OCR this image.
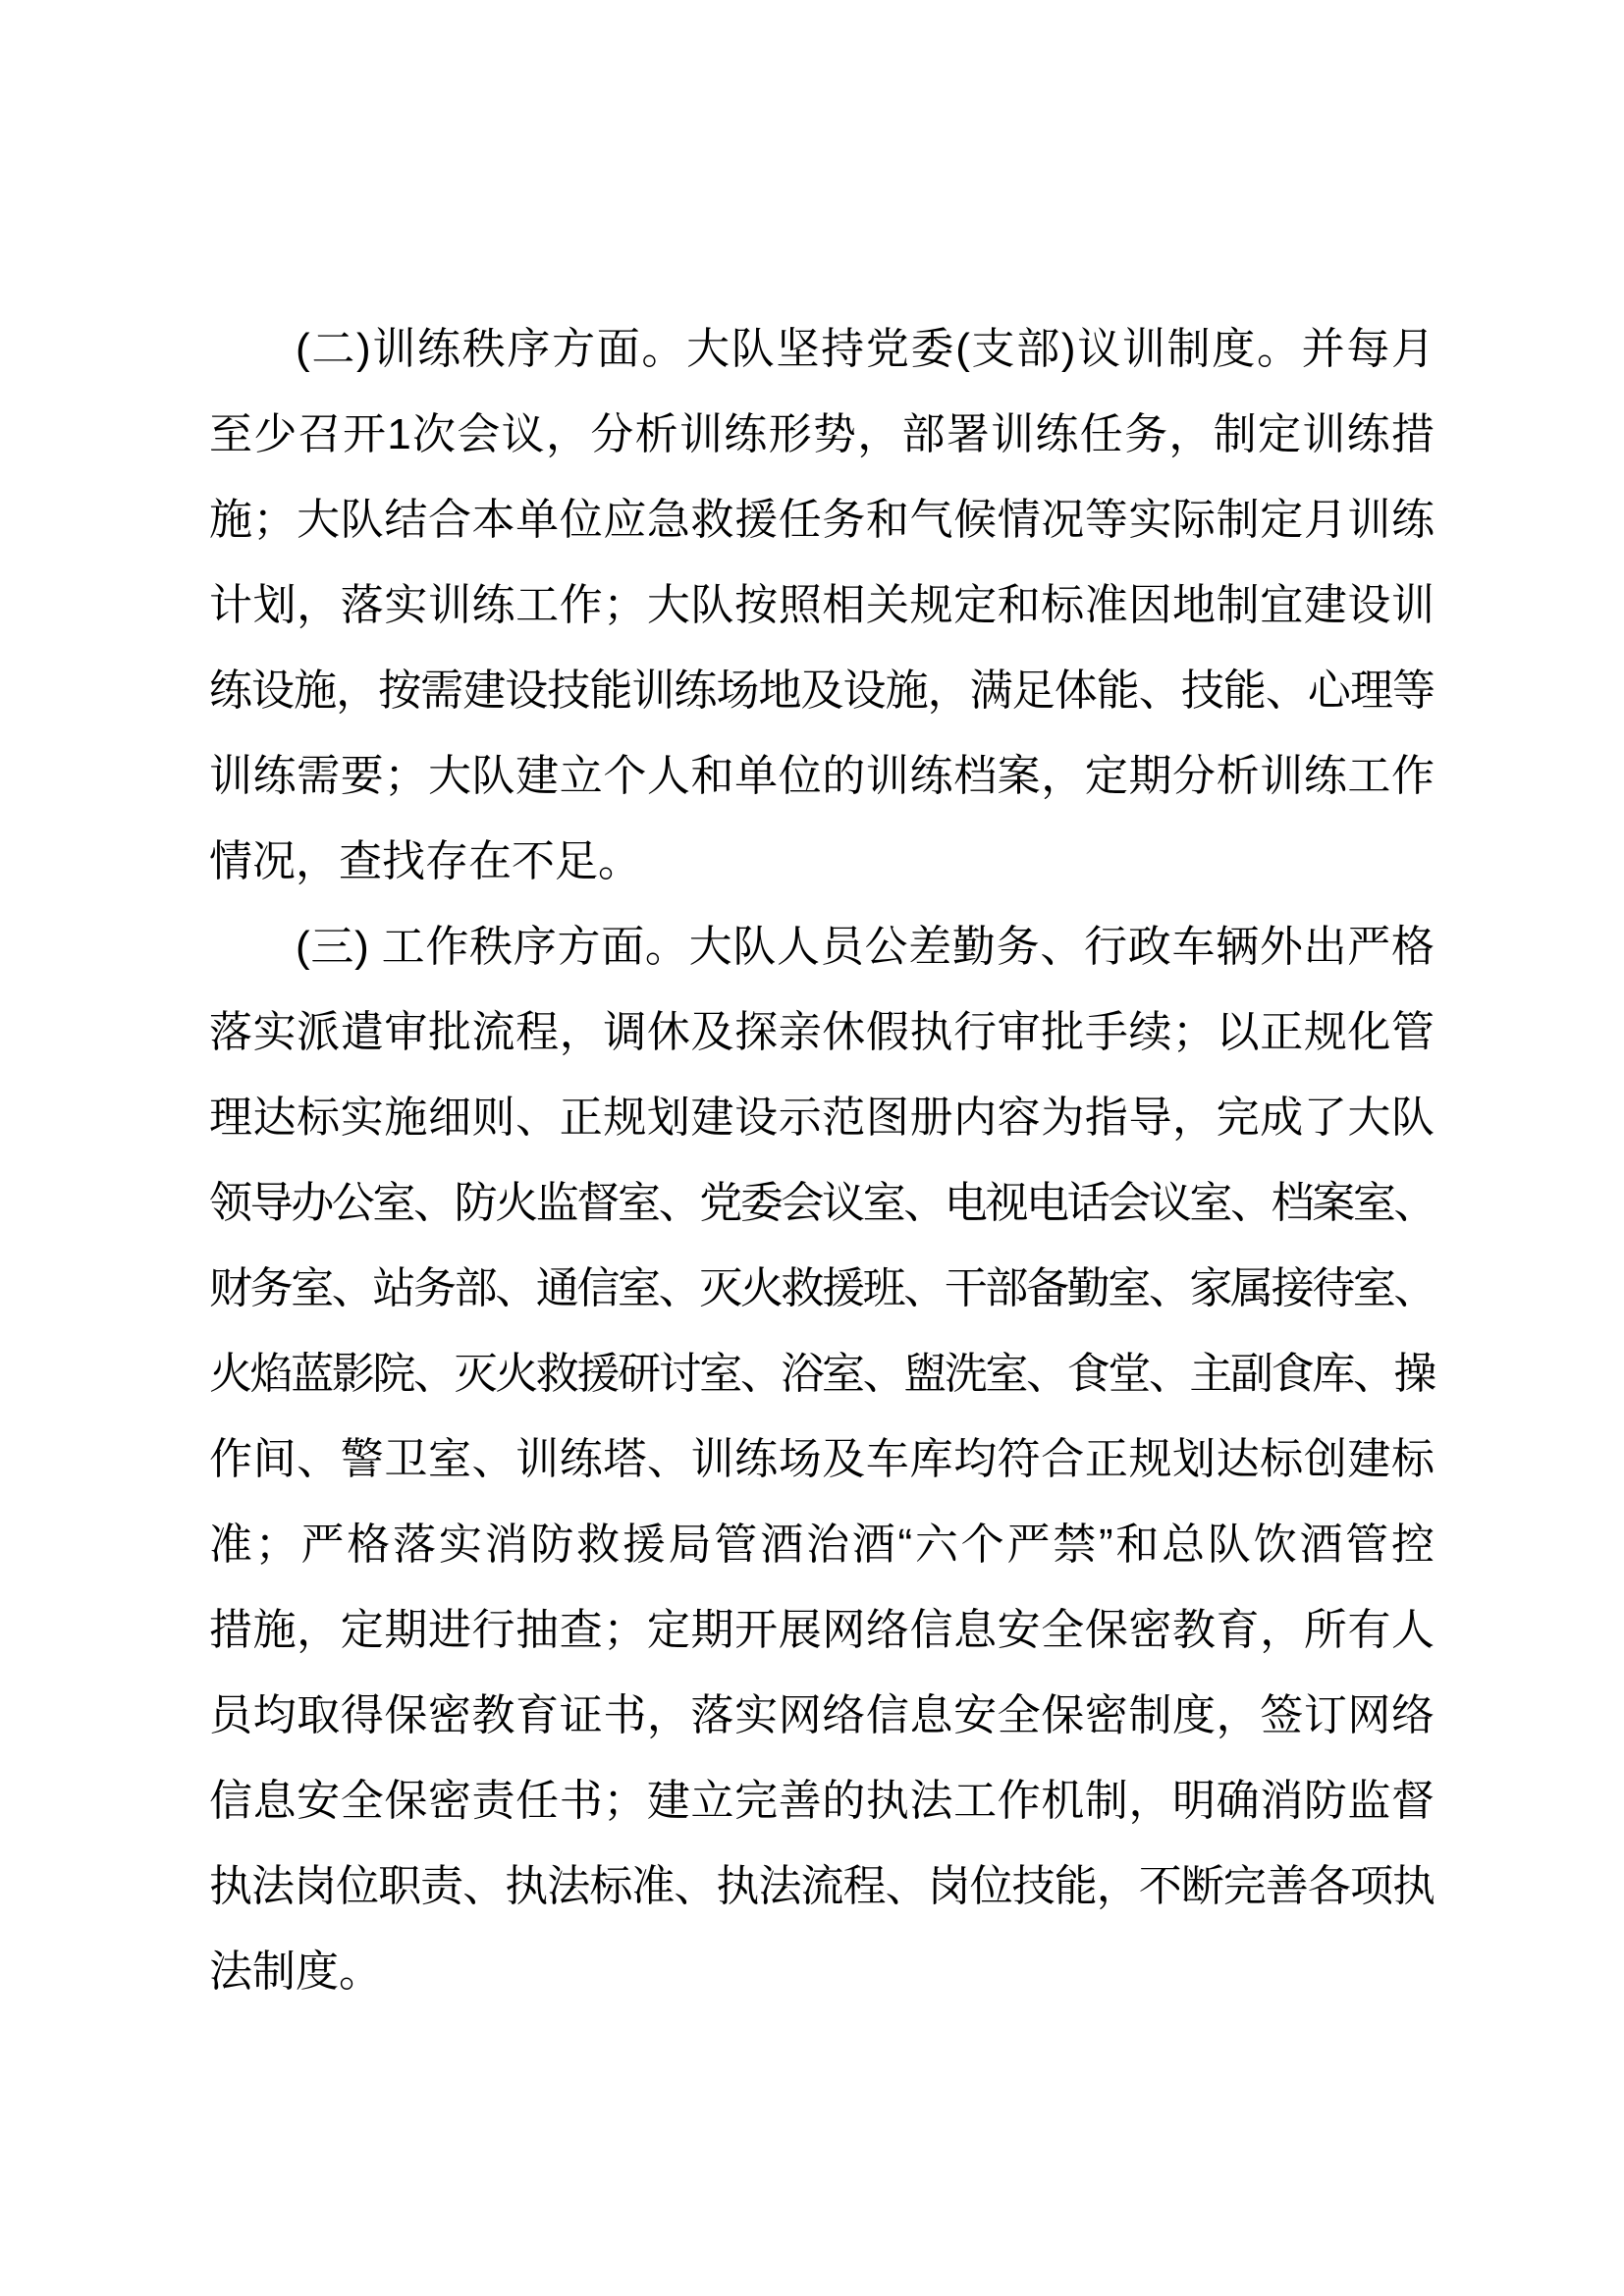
(二)训练秩序方面。大队坚持党委(支部)议训制度。并每月
至少召开1次会议，分析训练形势，部署训练任务，制定训练措
施；大队结合本单位应急救援任务和气候情况等实际制定月训练
计划，落实训练工作；大队按照相关规定和标准因地制宜建设训
练设施，按需建设技能训练场地及设施，满足体能、技能、心理等
训练需要；大队建立个人和单位的训练档案，定期分析训练工作
情况，查找存在不足。
(三) 工作秩序方面。大队人员公差勤务、行政车辆外出严格
落实派遣审批流程，调休及探亲休假执行审批手续；以正规化管
理达标实施细则、正规划建设示范图册内容为指导，完成了大队
领导办公室、防火监督室、党委会议室、电视电话会议室、档案室、
财务室、站务部、通信室、灭火救援班、干部备勤室、家属接待室、
火焰蓝影院、灭火救援研讨室、浴室、盥洗室、食堂、主副食库、操
作间、警卫室、训练塔、训练场及车库均符合正规划达标创建标
准；严格落实消防救援局管酒治酒“六个严禁”和总队饮酒管控
措施，定期进行抽查；定期开展网络信息安全保密教育，所有人
员均取得保密教育证书，落实网络信息安全保密制度，签订网络
信息安全保密责任书；建立完善的执法工作机制，明确消防监督
执法岗位职责、执法标准、执法流程、岗位技能，不断完善各项执
法制度。
